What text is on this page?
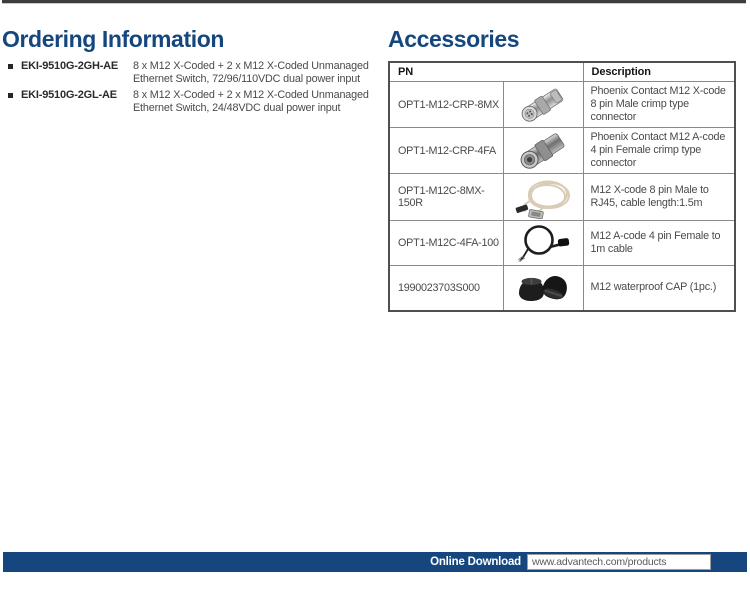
Ordering Information
EKI-9510G-2GH-AE	8 x M12 X-Coded + 2 x M12 X-Coded Unmanaged Ethernet Switch, 72/96/110VDC dual power input
EKI-9510G-2GL-AE	8 x M12 X-Coded + 2 x M12 X-Coded Unmanaged Ethernet Switch, 24/48VDC dual power input
Accessories
PN		Description
OPT1-M12-CRP-8MX		Phoenix Contact M12 X-code 8 pin Male crimp type connector
OPT1-M12-CRP-4FA		Phoenix Contact M12 A-code 4 pin Female crimp type connector
OPT1-M12C-8MX-150R		M12 X-code 8 pin Male to RJ45, cable length:1.5m
OPT1-M12C-4FA-100		M12 A-code 4 pin Female to 1m cable
1990023703S000		M12 waterproof CAP (1pc.)
Online Download www.advantech.com/products
